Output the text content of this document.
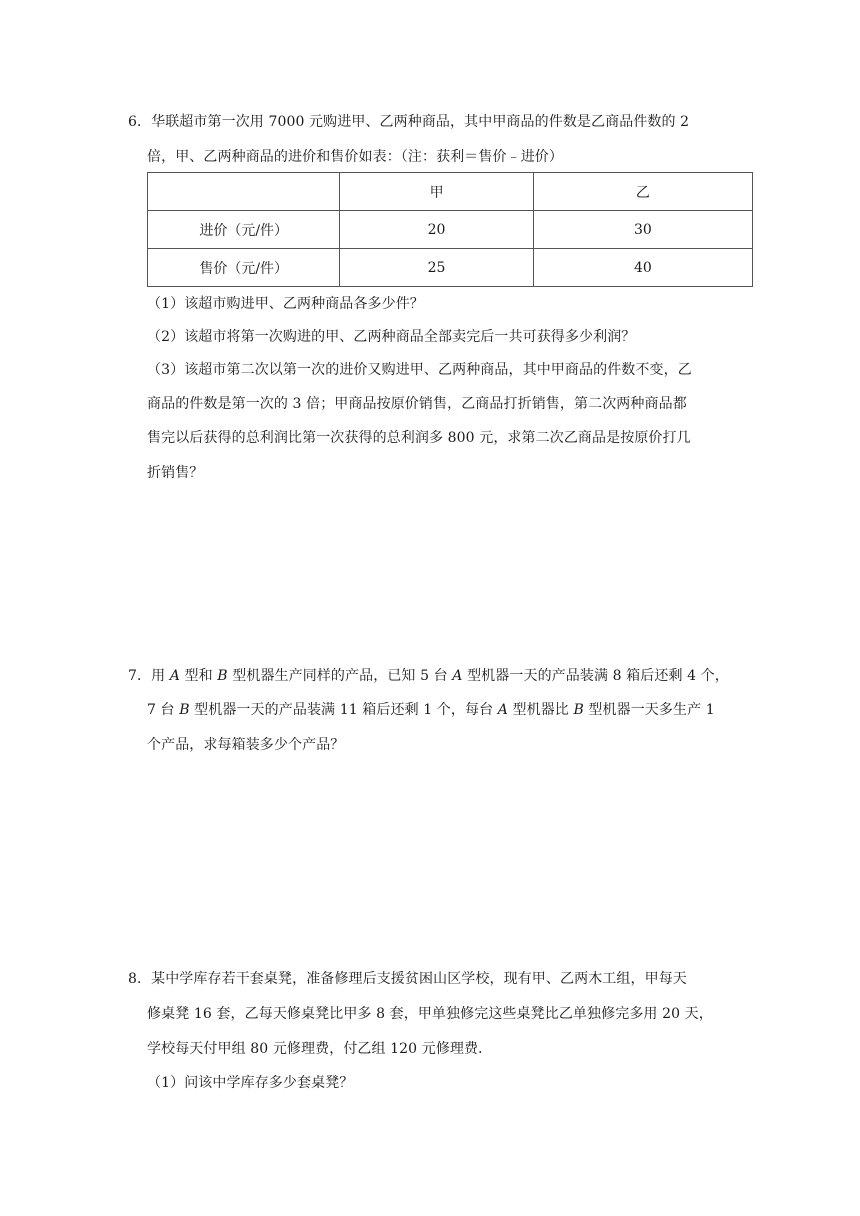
6．华联超市第一次用 7000 元购进甲、乙两种商品，其中甲商品的件数是乙商品件数的 2
倍，甲、乙两种商品的进价和售价如表：（注：获利＝售价﹣进价）
	甲	乙
进价（元/件）	20	30
售价（元/件）	25	40
（1）该超市购进甲、乙两种商品各多少件？
（2）该超市将第一次购进的甲、乙两种商品全部卖完后一共可获得多少利润？
（3）该超市第二次以第一次的进价又购进甲、乙两种商品，其中甲商品的件数不变，乙
商品的件数是第一次的 3 倍；甲商品按原价销售，乙商品打折销售，第二次两种商品都
售完以后获得的总利润比第一次获得的总利润多 800 元，求第二次乙商品是按原价打几
折销售？
7．用 A 型和 B 型机器生产同样的产品，已知 5 台 A 型机器一天的产品装满 8 箱后还剩 4 个，
7 台 B 型机器一天的产品装满 11 箱后还剩 1 个，每台 A 型机器比 B 型机器一天多生产 1
个产品，求每箱装多少个产品？
8．某中学库存若干套桌凳，准备修理后支援贫困山区学校，现有甲、乙两木工组，甲每天
修桌凳 16 套，乙每天修桌凳比甲多 8 套，甲单独修完这些桌凳比乙单独修完多用 20 天，
学校每天付甲组 80 元修理费，付乙组 120 元修理费．
（1）问该中学库存多少套桌凳？
